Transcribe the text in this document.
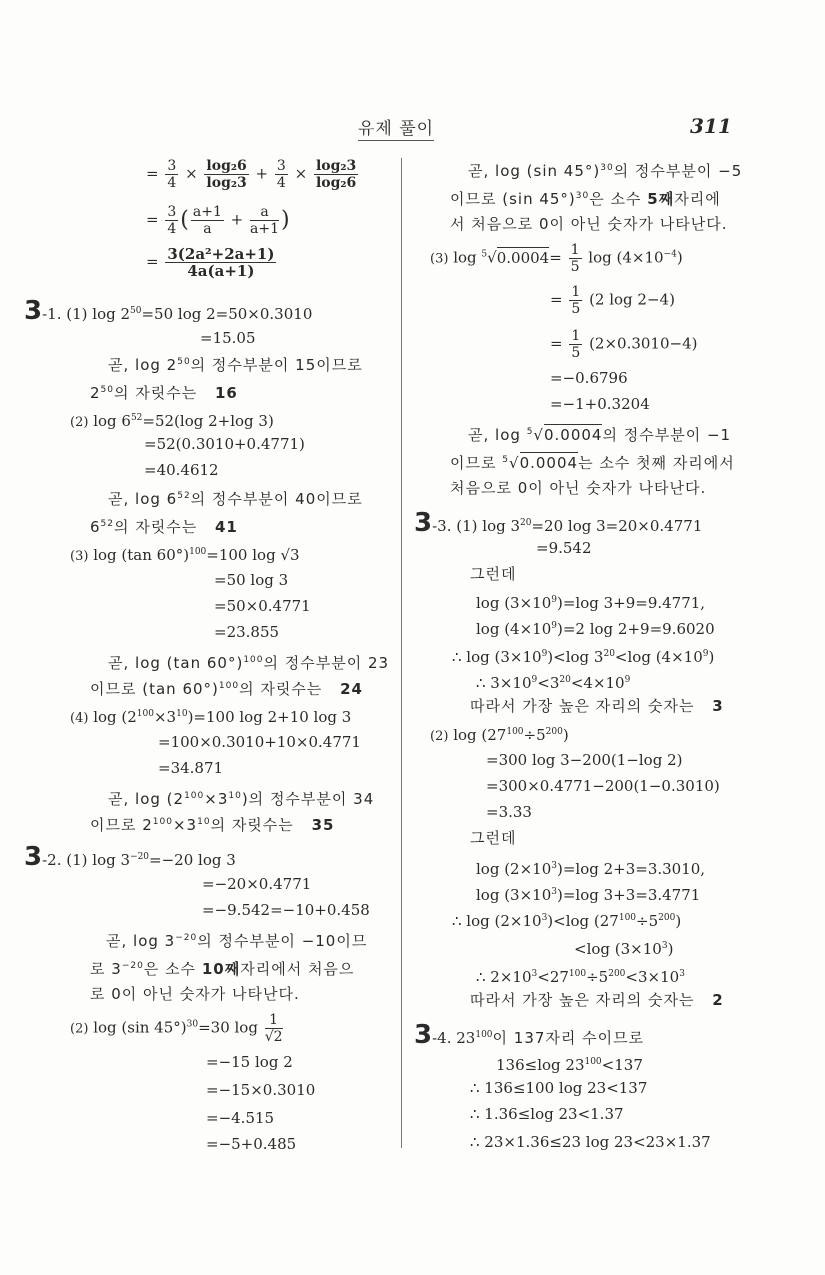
유제 풀이	311
= $\frac{3}{4} \times \frac{\text{log₂6}}{\text{log₂3}} + \frac{3}{4} \times \frac{\text{log₂3}}{\text{log₂6}}$
= $\frac{3}{4}$ ( $\frac{a+1}{a} + \frac{a}{a+1}$ )
= $\frac{\text{3(2a²+2a+1)}}{4a(a+1)}$
3-1. (1) $\log 2^{50}=50$ log 2=50×0.3010
=15.05
곧, $\log 2^{50}$의 정수부분이 15이므로
$2^{50}$의 자릿수는 16
(2) $\log 6^{52}=52(\log$ 2+log 3)
=52(0.3010+0.4771)
=40.4612
곧, $\log 6^{52}$의 정수부분이 40이므로
$6^{52}$의 자릿수는 41
(3) log (tan 60°)$^{100}$=100 log √3
=50 log 3
=50×0.4771
=23.855
곧, log (tan 60°)$^{100}$의 정수부분이 23
이므로 (tan 60°)$^{100}$의 자릿수는 24
(4) $\log (2^{100}\times 3^{10})=100$ log 2+10 log 3
=100×0.3010+10×0.4771
=34.871
곧, $\log (2^{100}\times 3^{10})$의 정수부분이 34
이므로 $2^{100}\times 3^{10}$의 자릿수는 35
3-2. (1) $\log 3^{-20}=-20$ log 3
=−20×0.4771
=−9.542=−10+0.458
곧, $\log 3^{-20}$의 정수부분이 −10이므
로 $3^{-20}$은 소수 10째자리에서 처음으
로 0이 아닌 숫자가 나타난다.
(2) log (sin 45°)$^{30}$=30 $\log \frac{1}{√2}$
=−15 log 2
=−15×0.3010
=−4.515
=−5+0.485
곧, log (sin 45°)$^{30}$의 정수부분이 −5
이므로 (sin 45°)$^{30}$은 소수 5째자리에
서 처음으로 0이 아닌 숫자가 나타난다.
(3) $\log ^5√0.0004= \frac{1}{5}$ $\log (4\times 10^{-4})$
= $\frac{1}{5} (2$ log 2−4)
= $\frac{1}{5} (2\times 0.3010-4)$
=−0.6796
=−1+0.3204
곧, log $^5$√0.0004의 정수부분이 −1
이므로 $^5$√0.0004는 소수 첫째 자리에서
처음으로 0이 아닌 숫자가 나타난다.
3-3. (1) $\log 3^{20}=20$ log 3=20×0.4771
=9.542
그런데
$\log (3\times 10^9)=\log$ 3+9=9.4771,
$\log (4\times 10^9)=2$ log 2+9=9.6020
∴ $\log (3\times 10^9)<\log$ $3^{20}<\log$ $(4\times 10^9)$
∴ $3\times 10^9<3^{20}<4\times 10^9$
따라서 가장 높은 자리의 숫자는 3
(2) $\log (27^{100}\div 5^{200})$
=300 log 3−200(1−log 2)
=300×0.4771−200(1−0.3010)
=3.33
그런데
$\log (2\times 10^3)=\log$ 2+3=3.3010,
$\log (3\times 10^3)=\log$ 3+3=3.4771
∴ $\log (2\times 10^3)<\log$ $(27^{100}\div 5^{200})$
<log $(3\times 10^3)$
∴ $2\times 10^3<27^{100}\div 5^{200}<3\times 10^3$
따라서 가장 높은 자리의 숫자는 2
3-4. $23^{100}$이 137자리 수이므로
136≤log $23^{100}<137$
∴ 136≤100 log 23<137
∴ 1.36≤log 23<1.37
∴ 23×1.36≤23 log 23<23×1.37
